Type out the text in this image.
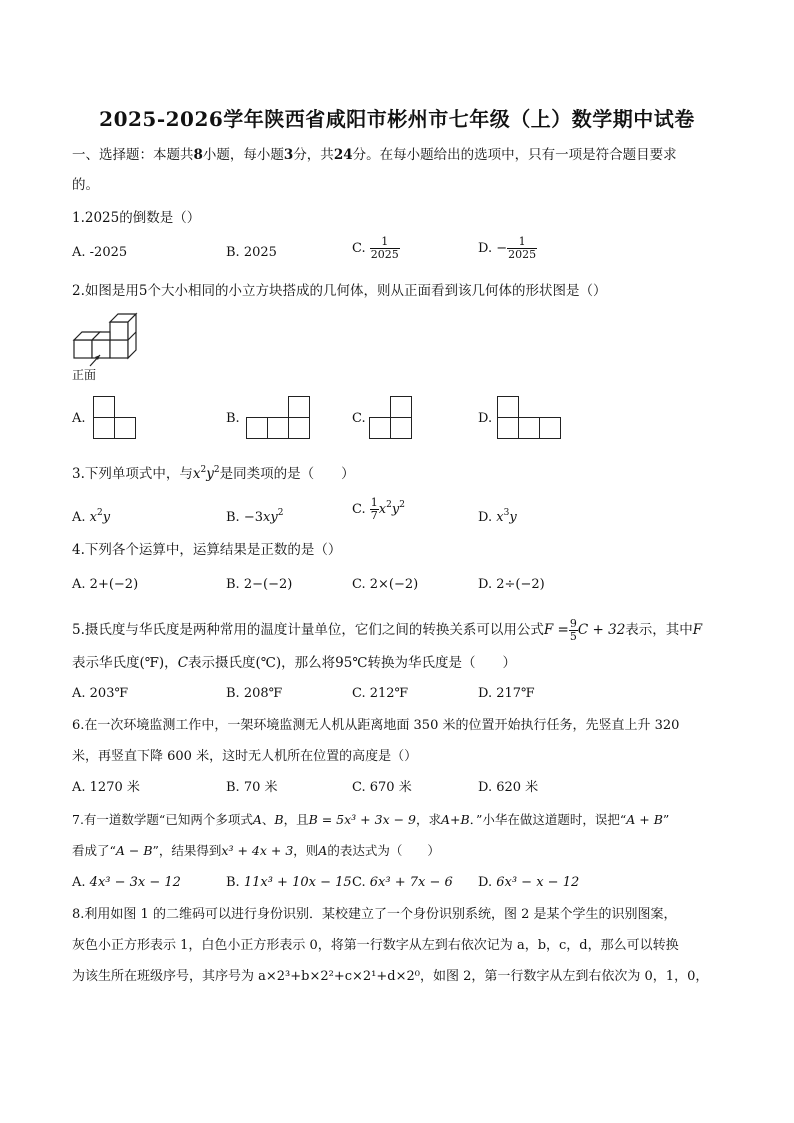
2025-2026学年陕西省咸阳市彬州市七年级（上）数学期中试卷
一、选择题：本题共8小题，每小题3分，共24分。在每小题给出的选项中，只有一项是符合题目要求
的。
1.2025的倒数是（）
A. -2025	B. 2025	C. $\frac{1}{2025}$	D. − $\frac{1}{2025}$
2.如图是用5个大小相同的小立方块搭成的几何体，则从正面看到该几何体的形状图是（）
正面
A.	B.	C.	D.
3.下列单项式中，与$x^2y^2$是同类项的是（　　）
A. $x^2y$	B. $-3xy^2$	C. $\frac{1}{7} x^2y^2$
D. $x^3y$
4.下列各个运算中，运算结果是正数的是（）
A. 2+(−2)	B. 2−(−2)	C. 2×(−2)	D. 2÷(−2)
5.摄氏度与华氏度是两种常用的温度计量单位，它们之间的转换关系可以用公式$F = \frac{9}{5}$ C + 32表示，其中F
表示华氏度(℉)，C表示摄氏度(℃)，那么将95℃转换为华氏度是（　　）
A. 203℉	B. 208℉	C. 212℉	D. 217℉
6.在一次环境监测工作中，一架环境监测无人机从距离地面 350 米的位置开始执行任务，先竖直上升 320
米，再竖直下降 600 米，这时无人机所在位置的高度是（）
A. 1270 米	B. 70 米	C. 670 米	D. 620 米
7.有一道数学题“已知两个多项式A、B，且B = 5x³ + 3x − 9，求A+B．”小华在做这道题时，误把“A + B”
看成了“A − B”，结果得到x³ + 4x + 3，则A的表达式为（　　）
A. 4x³ − 3x − 12	B. 11x³ + 10x − 15 C. 6x³ + 7x − 6 D. 6x³ − x − 12
8.利用如图 1 的二维码可以进行身份识别．某校建立了一个身份识别系统，图 2 是某个学生的识别图案，
灰色小正方形表示 1，白色小正方形表示 0，将第一行数字从左到右依次记为 a，b，c，d，那么可以转换
为该生所在班级序号，其序号为 a×2³+b×2²+c×2¹+d×2⁰，如图 2，第一行数字从左到右依次为 0，1，0，
